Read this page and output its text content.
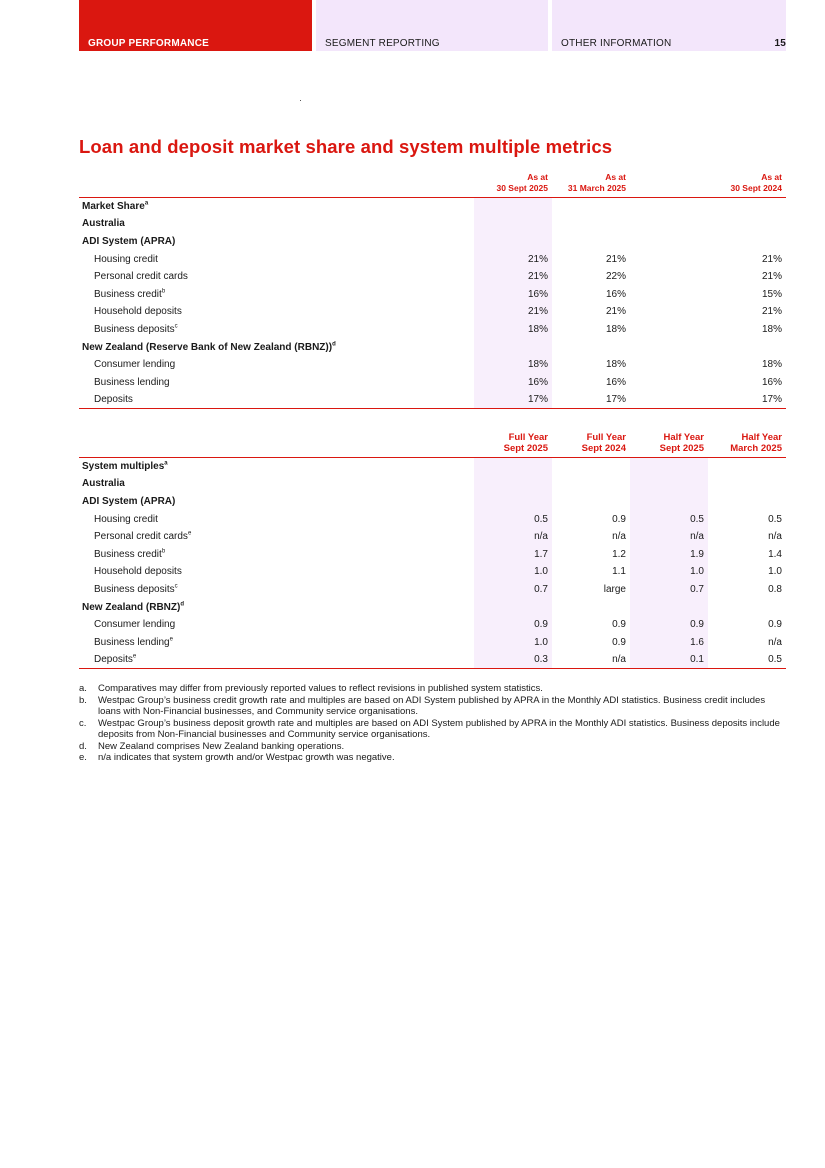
GROUP PERFORMANCE	SEGMENT REPORTING	OTHER INFORMATION	15
Loan and deposit market share and system multiple metrics
	As at
30 Sept 2025	As at
31 March 2025	As at
30 Sept 2024
Market Share$^a$			
Australia			
ADI System (APRA)			
Housing credit	21%	21%	21%
Personal credit cards	21%	22%	21%
Business credit$^b$	16%	16%	15%
Household deposits	21%	21%	21%
Business deposits$^c$	18%	18%	18%
New Zealand (Reserve Bank of New Zealand (RBNZ))$^d$			
Consumer lending	18%	18%	18%
Business lending	16%	16%	16%
Deposits	17%	17%	17%
	Full Year
Sept 2025	Full Year
Sept 2024	Half Year
Sept 2025	Half Year
March 2025
System multiples$^a$				
Australia				
ADI System (APRA)				
Housing credit	0.5	0.9	0.5	0.5
Personal credit cards$^e$	n/a	n/a	n/a	n/a
Business credit$^b$	1.7	1.2	1.9	1.4
Household deposits	1.0	1.1	1.0	1.0
Business deposits$^c$	0.7	large	0.7	0.8
New Zealand (RBNZ)$^d$				
Consumer lending	0.9	0.9	0.9	0.9
Business lending$^e$	1.0	0.9	1.6	n/a
Deposits$^e$	0.3	n/a	0.1	0.5
a.	Comparatives may differ from previously reported values to reflect revisions in published system statistics.
b.	Westpac Group’s business credit growth rate and multiples are based on ADI System published by APRA in the Monthly ADI statistics. Business credit includes loans with Non-Financial businesses, and Community service organisations.
c.	Westpac Group’s business deposit growth rate and multiples are based on ADI System published by APRA in the Monthly ADI statistics. Business deposits include deposits from Non-Financial businesses and Community service organisations.
d.	New Zealand comprises New Zealand banking operations.
e.	n/a indicates that system growth and/or Westpac growth was negative.
